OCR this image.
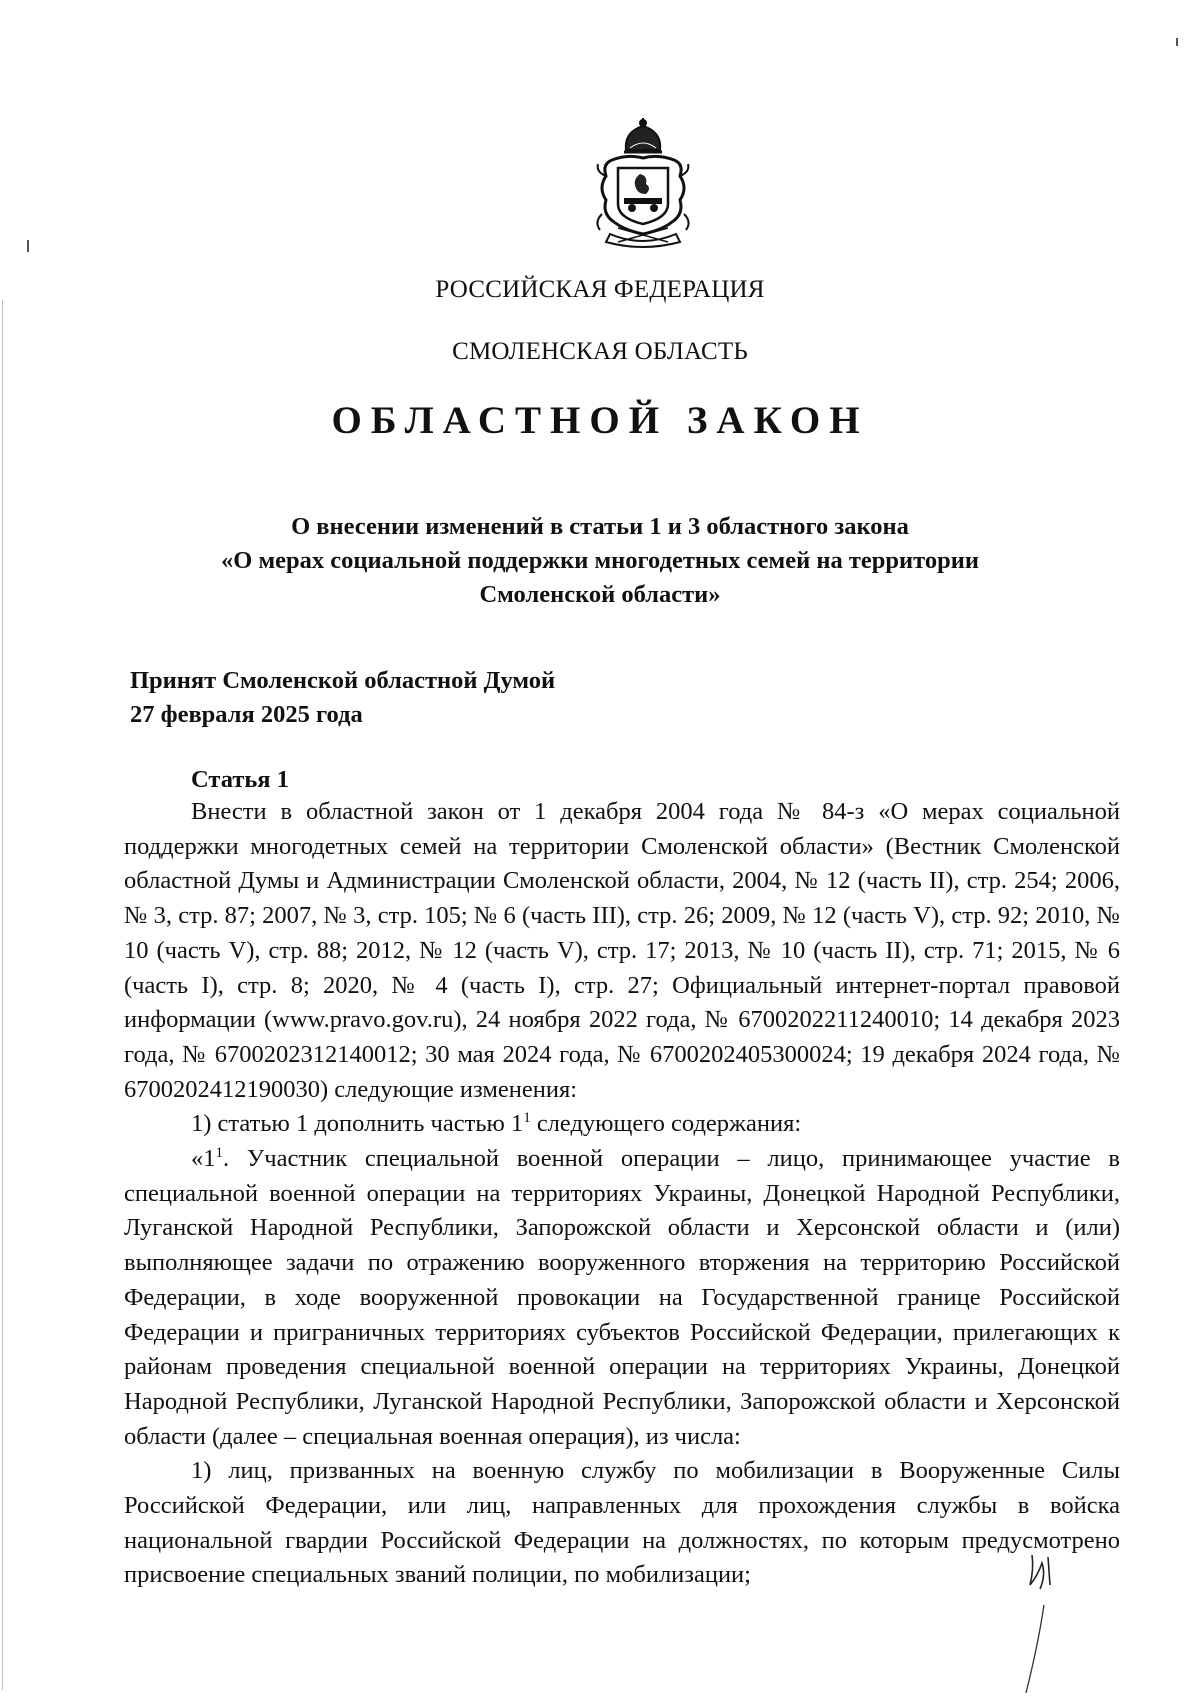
РОССИЙСКАЯ ФЕДЕРАЦИЯ
СМОЛЕНСКАЯ ОБЛАСТЬ
ОБЛАСТНОЙ ЗАКОН
О внесении изменений в статьи 1 и 3 областного закона
«О мерах социальной поддержки многодетных семей на территории
Смоленской области»
Принят Смоленской областной Думой
27 февраля 2025 года
Статья 1

Внести в областной закон от 1 декабря 2004 года № 84-з «О мерах социальной поддержки многодетных семей на территории Смоленской области» (Вестник Смоленской областной Думы и Администрации Смоленской области, 2004, № 12 (часть II), стр. 254; 2006, № 3, стр. 87; 2007, № 3, стр. 105; № 6 (часть III), стр. 26; 2009, № 12 (часть V), стр. 92; 2010, № 10 (часть V), стр. 88; 2012, № 12 (часть V), стр. 17; 2013, № 10 (часть II), стр. 71; 2015, № 6 (часть I), стр. 8; 2020, № 4 (часть I), стр. 27; Официальный интернет-портал правовой информации (www.pravo.gov.ru), 24 ноября 2022 года, № 6700202211240010; 14 декабря 2023 года, № 6700202312140012; 30 мая 2024 года, № 6700202405300024; 19 декабря 2024 года, № 6700202412190030) следующие изменения:

1) статью 1 дополнить частью $1^1$ следующего содержания:

«$1^1$. Участник специальной военной операции – лицо, принимающее участие в специальной военной операции на территориях Украины, Донецкой Народной Республики, Луганской Народной Республики, Запорожской области и Херсонской области и (или) выполняющее задачи по отражению вооруженного вторжения на территорию Российской Федерации, в ходе вооруженной провокации на Государственной границе Российской Федерации и приграничных территориях субъектов Российской Федерации, прилегающих к районам проведения специальной военной операции на территориях Украины, Донецкой Народной Республики, Луганской Народной Республики, Запорожской области и Херсонской области (далее – специальная военная операция), из числа:

1) лиц, призванных на военную службу по мобилизации в Вооруженные Силы Российской Федерации, или лиц, направленных для прохождения службы в войска национальной гвардии Российской Федерации на должностях, по которым предусмотрено присвоение специальных званий полиции, по мобилизации;
